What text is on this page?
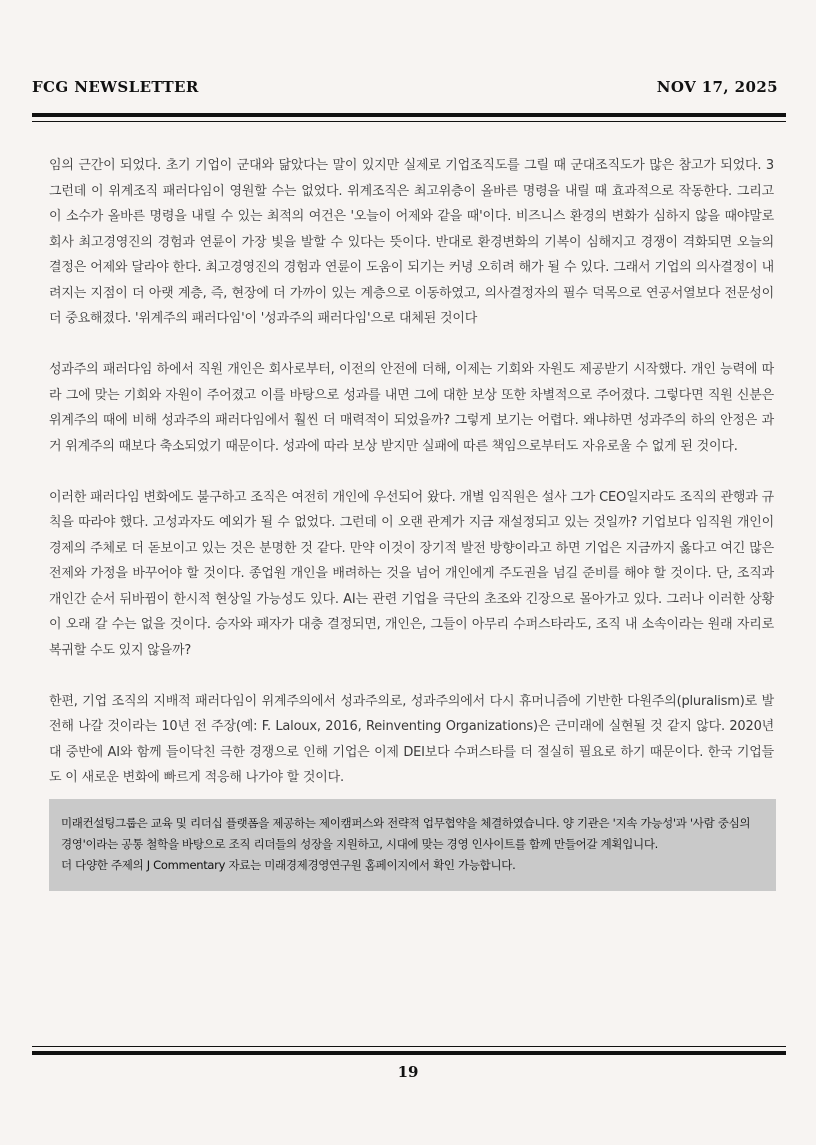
FCG NEWSLETTER	NOV 17, 2025

임의 근간이 되었다. 초기 기업이 군대와 닮았다는 말이 있지만 실제로 기업조직도를 그릴 때 군대조직도가 많은 참고가 되었다. 3그런데 이 위계조직 패러다임이 영원할 수는 없었다. 위계조직은 최고위층이 올바른 명령을 내릴 때 효과적으로 작동한다. 그리고 이 소수가 올바른 명령을 내릴 수 있는 최적의 여건은 '오늘이 어제와 같을 때'이다. 비즈니스 환경의 변화가 심하지 않을 때야말로 회사 최고경영진의 경험과 연륜이 가장 빛을 발할 수 있다는 뜻이다. 반대로 환경변화의 기복이 심해지고 경쟁이 격화되면 오늘의 결정은 어제와 달라야 한다. 최고경영진의 경험과 연륜이 도움이 되기는 커녕 오히려 해가 될 수 있다. 그래서 기업의 의사결정이 내려지는 지점이 더 아랫 계층, 즉, 현장에 더 가까이 있는 계층으로 이동하였고, 의사결정자의 필수 덕목으로 연공서열보다 전문성이 더 중요해졌다. '위계주의 패러다임'이 '성과주의 패러다임'으로 대체된 것이다

성과주의 패러다임 하에서 직원 개인은 회사로부터, 이전의 안전에 더해, 이제는 기회와 자원도 제공받기 시작했다. 개인 능력에 따라 그에 맞는 기회와 자원이 주어졌고 이를 바탕으로 성과를 내면 그에 대한 보상 또한 차별적으로 주어졌다. 그렇다면 직원 신분은 위계주의 때에 비해 성과주의 패러다임에서 훨씬 더 매력적이 되었을까? 그렇게 보기는 어렵다. 왜냐하면 성과주의 하의 안정은 과거 위계주의 때보다 축소되었기 때문이다. 성과에 따라 보상 받지만 실패에 따른 책임으로부터도 자유로울 수 없게 된 것이다.

이러한 패러다임 변화에도 불구하고 조직은 여전히 개인에 우선되어 왔다. 개별 임직원은 설사 그가 CEO일지라도 조직의 관행과 규칙을 따라야 했다. 고성과자도 예외가 될 수 없었다. 그런데 이 오랜 관계가 지금 재설정되고 있는 것일까? 기업보다 임직원 개인이 경제의 주체로 더 돋보이고 있는 것은 분명한 것 같다. 만약 이것이 장기적 발전 방향이라고 하면 기업은 지금까지 옳다고 여긴 많은 전제와 가정을 바꾸어야 할 것이다. 종업원 개인을 배려하는 것을 넘어 개인에게 주도권을 넘길 준비를 해야 할 것이다. 단, 조직과 개인간 순서 뒤바뀜이 한시적 현상일 가능성도 있다. AI는 관련 기업을 극단의 초조와 긴장으로 몰아가고 있다. 그러나 이러한 상황이 오래 갈 수는 없을 것이다. 승자와 패자가 대충 결정되면, 개인은, 그들이 아무리 수퍼스타라도, 조직 내 소속이라는 원래 자리로 복귀할 수도 있지 않을까?

한편, 기업 조직의 지배적 패러다임이 위계주의에서 성과주의로, 성과주의에서 다시 휴머니즘에 기반한 다원주의(pluralism)로 발전해 나갈 것이라는 10년 전 주장(예: F. Laloux, 2016, Reinventing Organizations)은 근미래에 실현될 것 같지 않다. 2020년대 중반에 AI와 함께 들이닥친 극한 경쟁으로 인해 기업은 이제 DEI보다 수퍼스타를 더 절실히 필요로 하기 때문이다. 한국 기업들도 이 새로운 변화에 빠르게 적응해 나가야 할 것이다.

미래컨설팅그룹은 교육 및 리더십 플랫폼을 제공하는 제이캠퍼스와 전략적 업무협약을 체결하였습니다. 양 기관은 '지속 가능성'과 '사람 중심의 경영'이라는 공통 철학을 바탕으로 조직 리더들의 성장을 지원하고, 시대에 맞는 경영 인사이트를 함께 만들어갈 계획입니다.

더 다양한 주제의 J Commentary 자료는 미래경제경영연구원 홈페이지에서 확인 가능합니다.

19
